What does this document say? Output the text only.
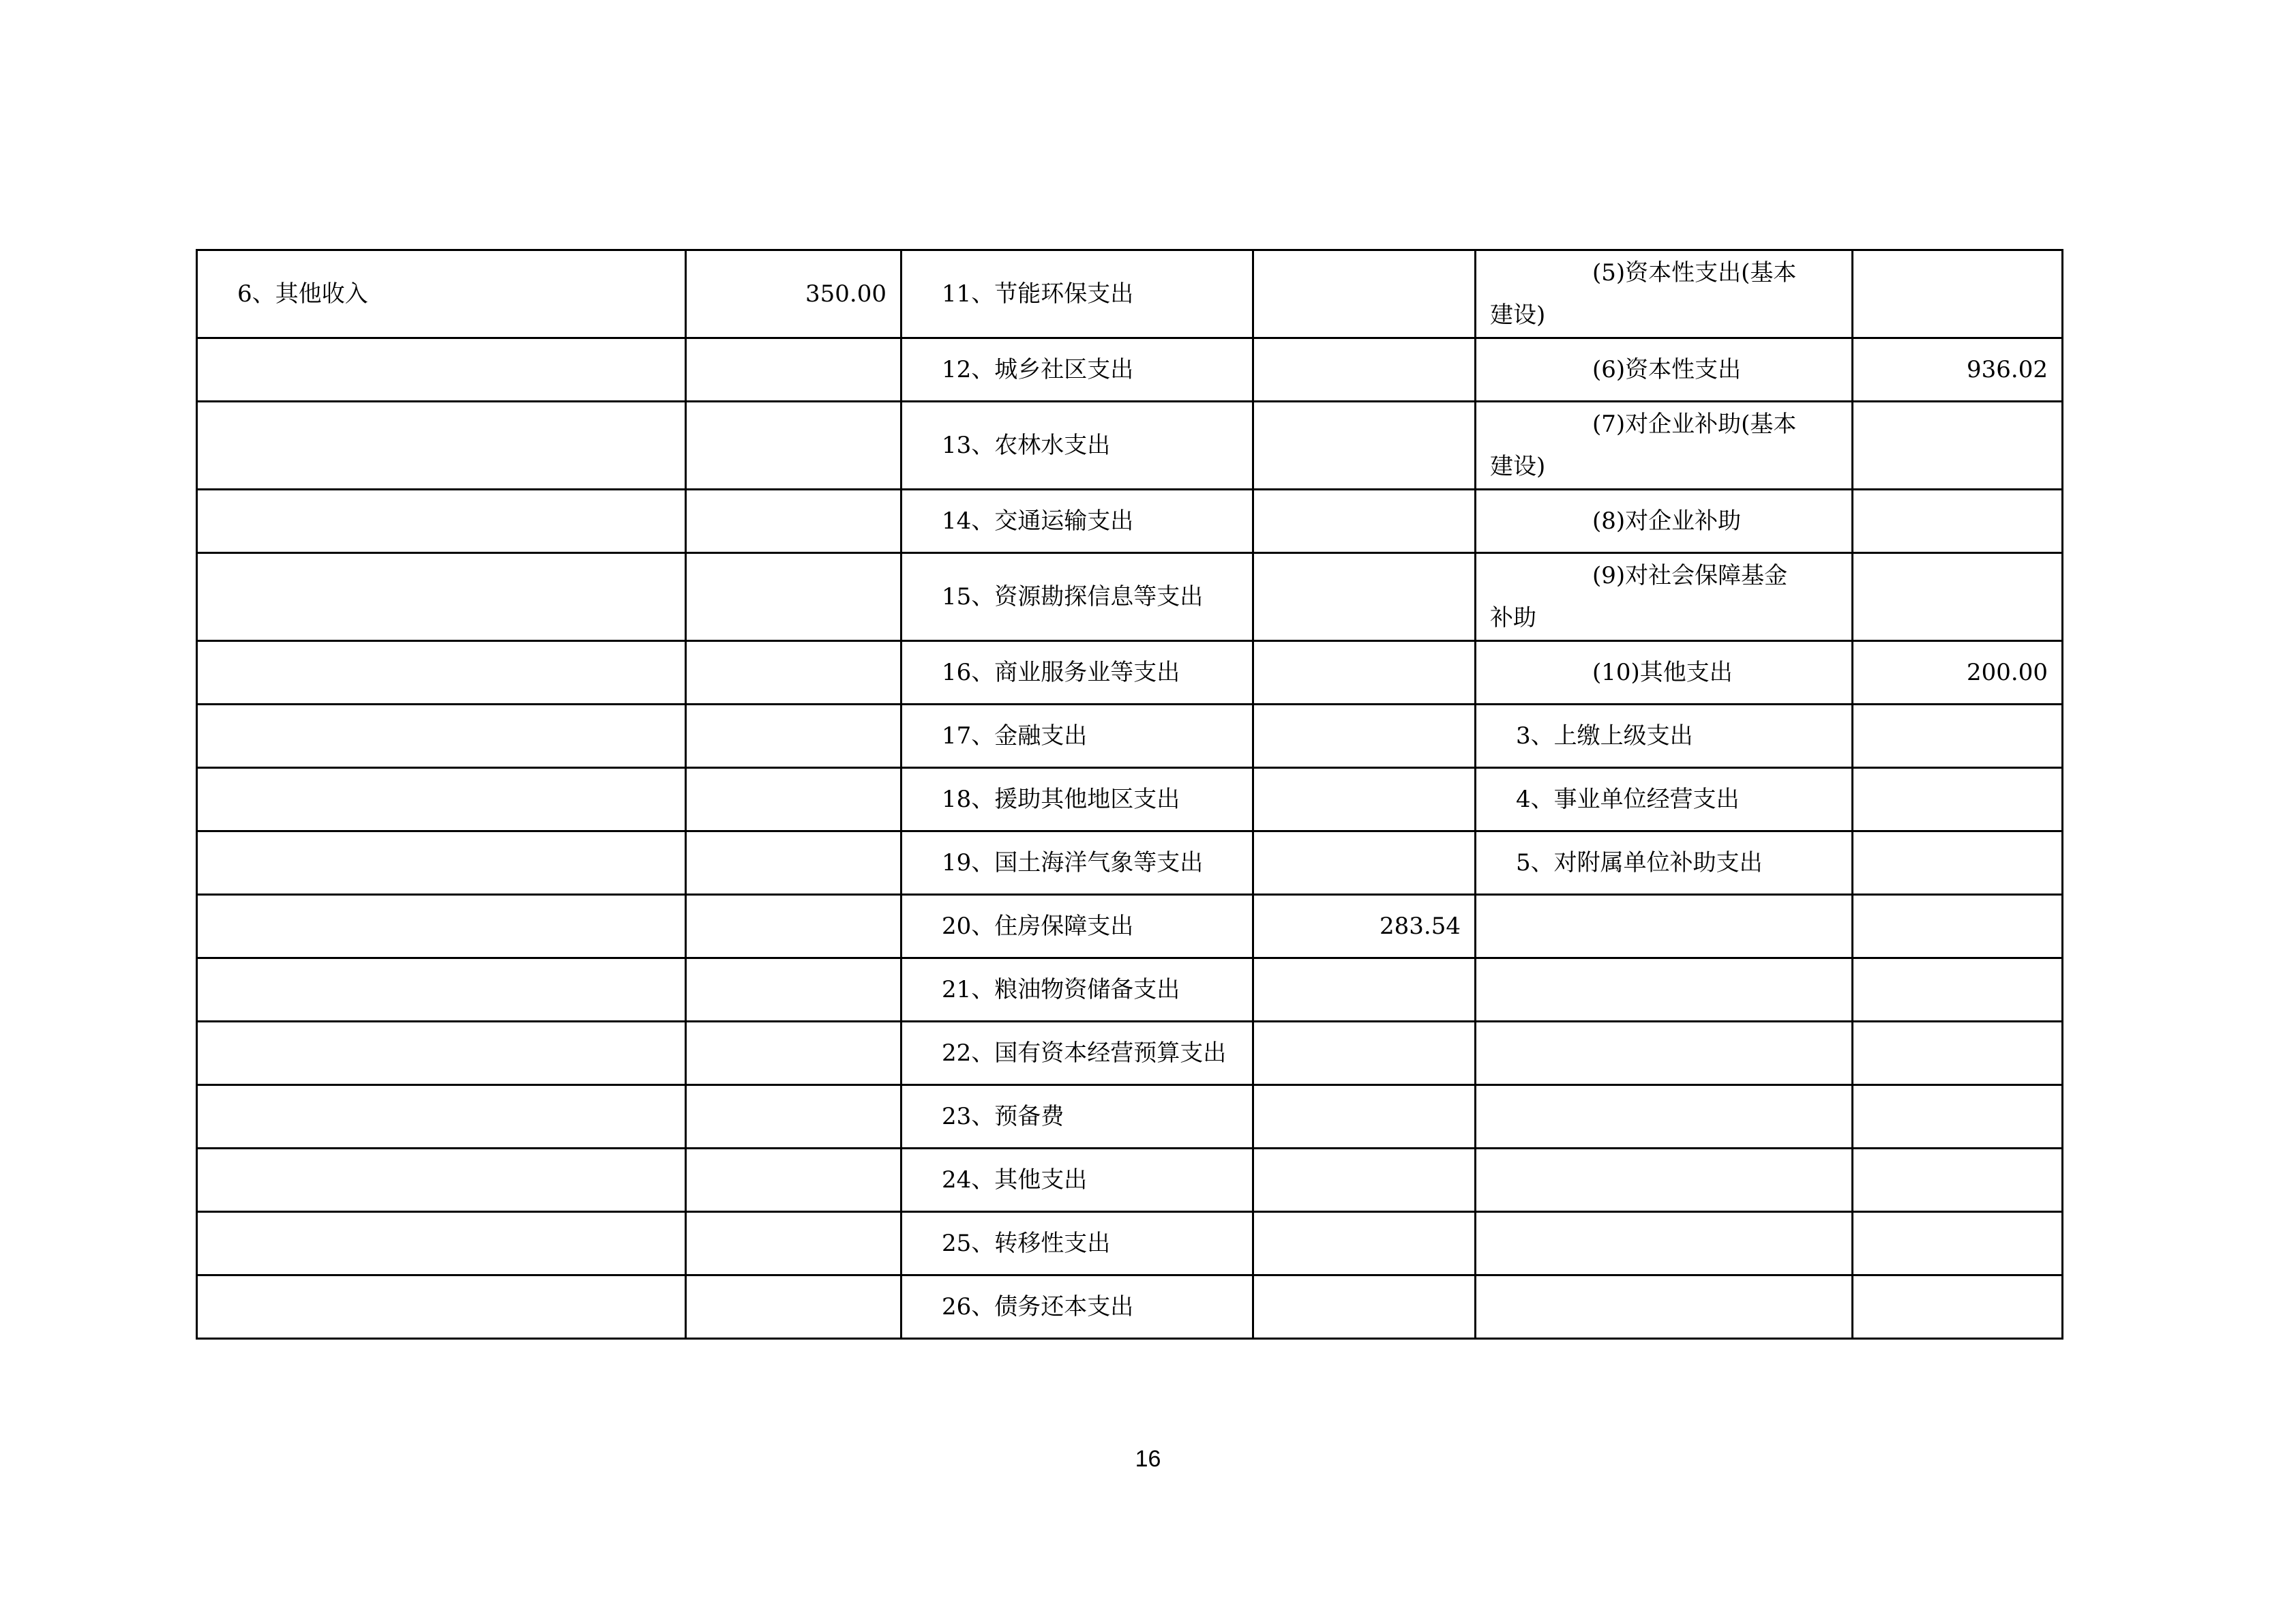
6、其他收入	350.00	11、节能环保支出		(5)资本性支出(基本建设)	

		12、城乡社区支出		(6)资本性支出	936.02
		13、农林水支出		(7)对企业补助(基本建设)	

		14、交通运输支出		(8)对企业补助	

		15、资源勘探信息等支出		(9)对社会保障基金补助	

		16、商业服务业等支出		(10)其他支出	200.00
		17、金融支出		3、上缴上级支出	
		18、援助其他地区支出		4、事业单位经营支出	
		19、国土海洋气象等支出		5、对附属单位补助支出	
		20、住房保障支出	283.54		
		21、粮油物资储备支出			
		22、国有资本经营预算支出			
		23、预备费			
		24、其他支出			
		25、转移性支出			
		26、债务还本支出			
16
